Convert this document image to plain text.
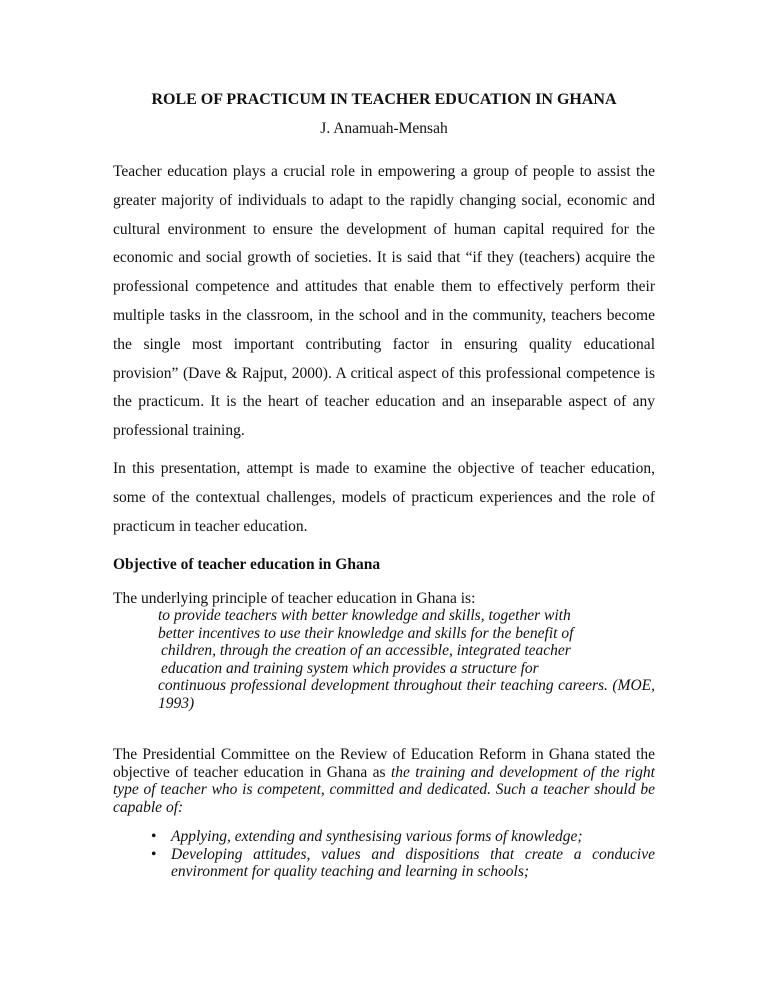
ROLE OF PRACTICUM IN TEACHER EDUCATION IN GHANA
J. Anamuah-Mensah

Teacher education plays a crucial role in empowering a group of people to assist the greater majority of individuals to adapt to the rapidly changing social, economic and cultural environment to ensure the development of human capital required for the economic and social growth of societies. It is said that “if they (teachers) acquire the professional competence and attitudes that enable them to effectively perform their multiple tasks in the classroom, in the school and in the community, teachers become the single most important contributing factor in ensuring quality educational provision” (Dave & Rajput, 2000). A critical aspect of this professional competence is the practicum. It is the heart of teacher education and an inseparable aspect of any professional training.

In this presentation, attempt is made to examine the objective of teacher education, some of the contextual challenges, models of practicum experiences and the role of practicum in teacher education.

Objective of teacher education in Ghana

The underlying principle of teacher education in Ghana is:

to provide teachers with better knowledge and skills, together with
better incentives to use their knowledge and skills for the benefit of
children, through the creation of an accessible, integrated teacher
education and training system which provides a structure for
continuous professional development throughout their teaching careers. (MOE,
1993)

The Presidential Committee on the Review of Education Reform in Ghana stated the objective of teacher education in Ghana as the training and development of the right type of teacher who is competent, committed and dedicated. Such a teacher should be capable of:

• Applying, extending and synthesising various forms of knowledge;
• Developing attitudes, values and dispositions that create a conducive environment for quality teaching and learning in schools;
